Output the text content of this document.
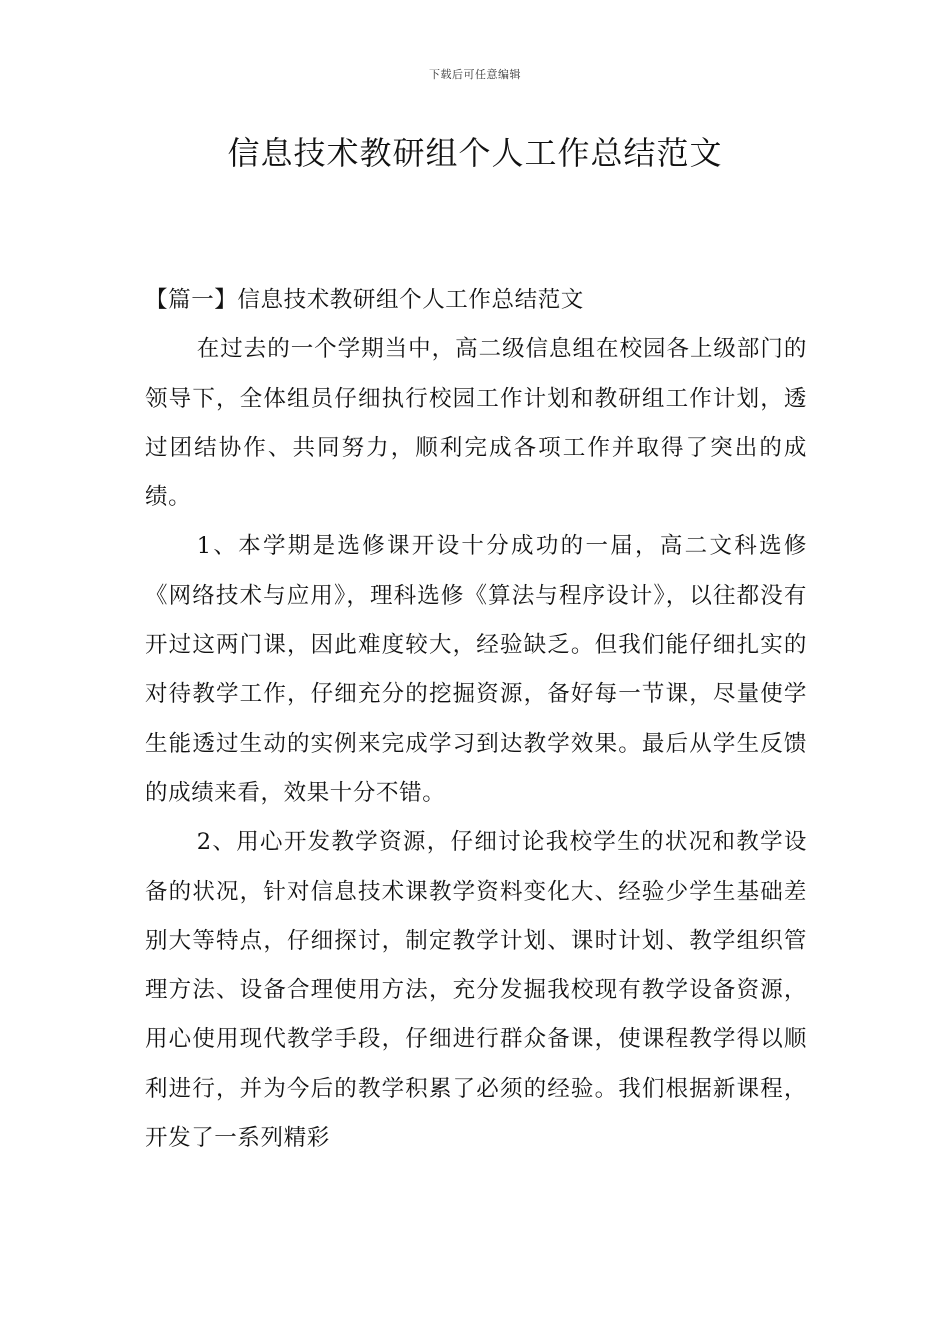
下载后可任意编辑
信息技术教研组个人工作总结范文

【篇一】信息技术教研组个人工作总结范文

在过去的一个学期当中，高二级信息组在校园各上级部门的领导下，全体组员仔细执行校园工作计划和教研组工作计划，透过团结协作、共同努力，顺利完成各项工作并取得了突出的成绩。

1、本学期是选修课开设十分成功的一届，高二文科选修《网络技术与应用》，理科选修《算法与程序设计》，以往都没有开过这两门课，因此难度较大，经验缺乏。但我们能仔细扎实的对待教学工作，仔细充分的挖掘资源，备好每一节课，尽量使学生能透过生动的实例来完成学习到达教学效果。最后从学生反馈的成绩来看，效果十分不错。

2、用心开发教学资源，仔细讨论我校学生的状况和教学设备的状况，针对信息技术课教学资料变化大、经验少学生基础差别大等特点，仔细探讨，制定教学计划、课时计划、教学组织管理方法、设备合理使用方法，充分发掘我校现有教学设备资源，用心使用现代教学手段，仔细进行群众备课，使课程教学得以顺利进行，并为今后的教学积累了必须的经验。我们根据新课程，开发了一系列精彩
